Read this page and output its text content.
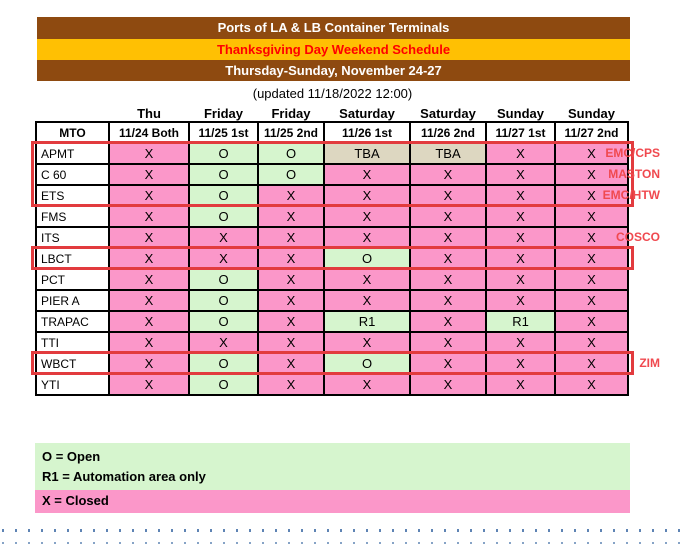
Ports of LA & LB Container Terminals
Thanksgiving Day Weekend Schedule
Thursday-Sunday, November 24-27
(updated 11/18/2022 12:00)
	Thu	Friday	Friday	Saturday	Saturday	Sunday	Sunday
MTO	11/24 Both	11/25 1st	11/25 2nd	11/26 1st	11/26 2nd	11/27 1st	11/27 2nd
APMT	X	O	O	TBA	TBA	X	X
C 60	X	O	O	X	X	X	X
ETS	X	O	X	X	X	X	X
FMS	X	O	X	X	X	X	X
ITS	X	X	X	X	X	X	X
LBCT	X	X	X	O	X	X	X
PCT	X	O	X	X	X	X	X
PIER A	X	O	X	X	X	X	X
TRAPAC	X	O	X	R1	X	R1	X
TTI	X	X	X	X	X	X	X
WBCT	X	O	X	O	X	X	X
YTI	X	O	X	X	X	X	X
O = Open
R1 = Automation area only
X = Closed
EMC/CPS
MASTON
EMC/HTW
COSCO
ZIM
